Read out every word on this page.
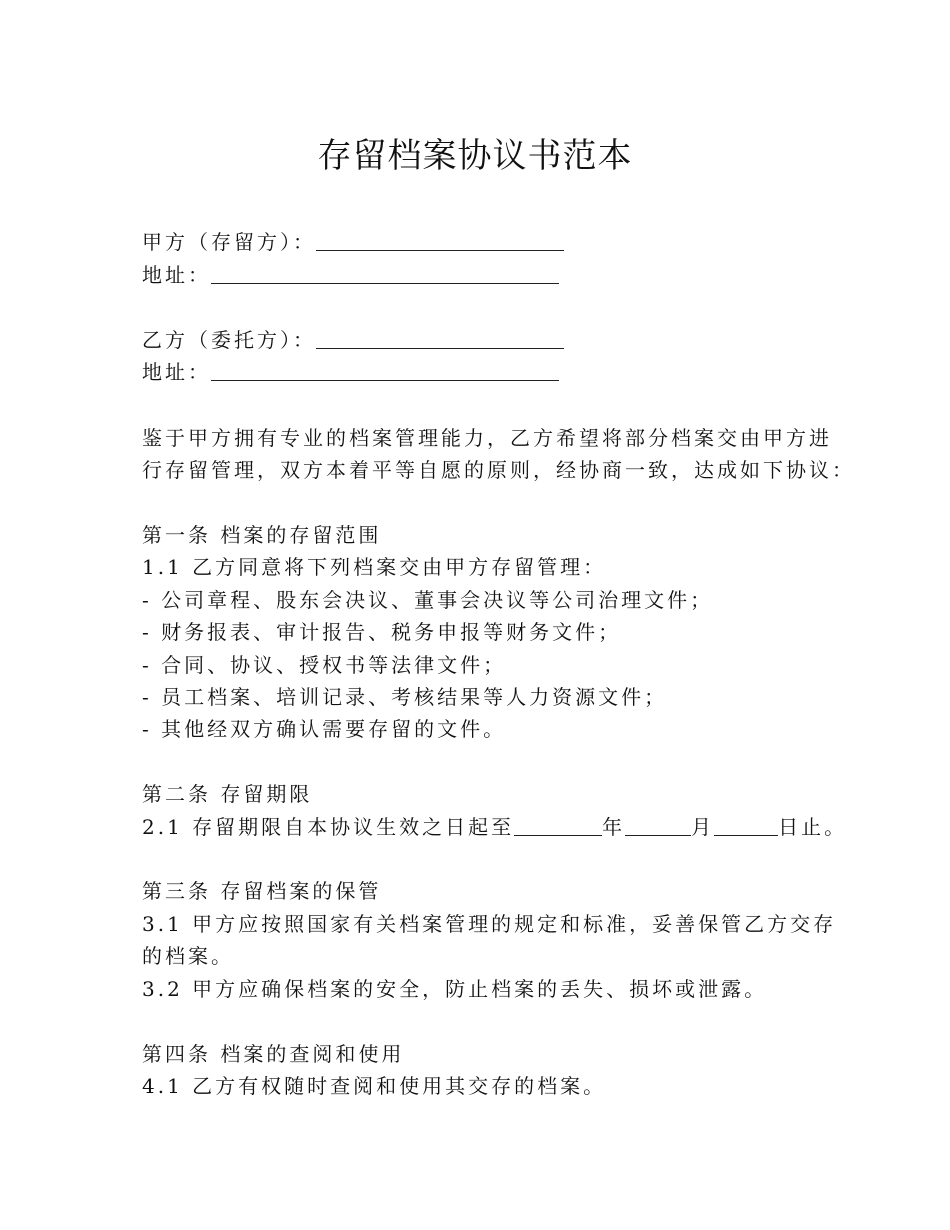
存留档案协议书范本

甲方（存留方）：

地址：

乙方（委托方）：

地址：

鉴于甲方拥有专业的档案管理能力，乙方希望将部分档案交由甲方进

行存留管理，双方本着平等自愿的原则，经协商一致，达成如下协议：

第一条 档案的存留范围

1.1 乙方同意将下列档案交由甲方存留管理：

- 公司章程、股东会决议、董事会决议等公司治理文件；

- 财务报表、审计报告、税务申报等财务文件；

- 合同、协议、授权书等法律文件；

- 员工档案、培训记录、考核结果等人力资源文件；

- 其他经双方确认需要存留的文件。

第二条 存留期限

2.1 存留期限自本协议生效之日起至	年	月	日止。

第三条 存留档案的保管

3.1 甲方应按照国家有关档案管理的规定和标准，妥善保管乙方交存

的档案。

3.2 甲方应确保档案的安全，防止档案的丢失、损坏或泄露。

第四条 档案的查阅和使用

4.1 乙方有权随时查阅和使用其交存的档案。
